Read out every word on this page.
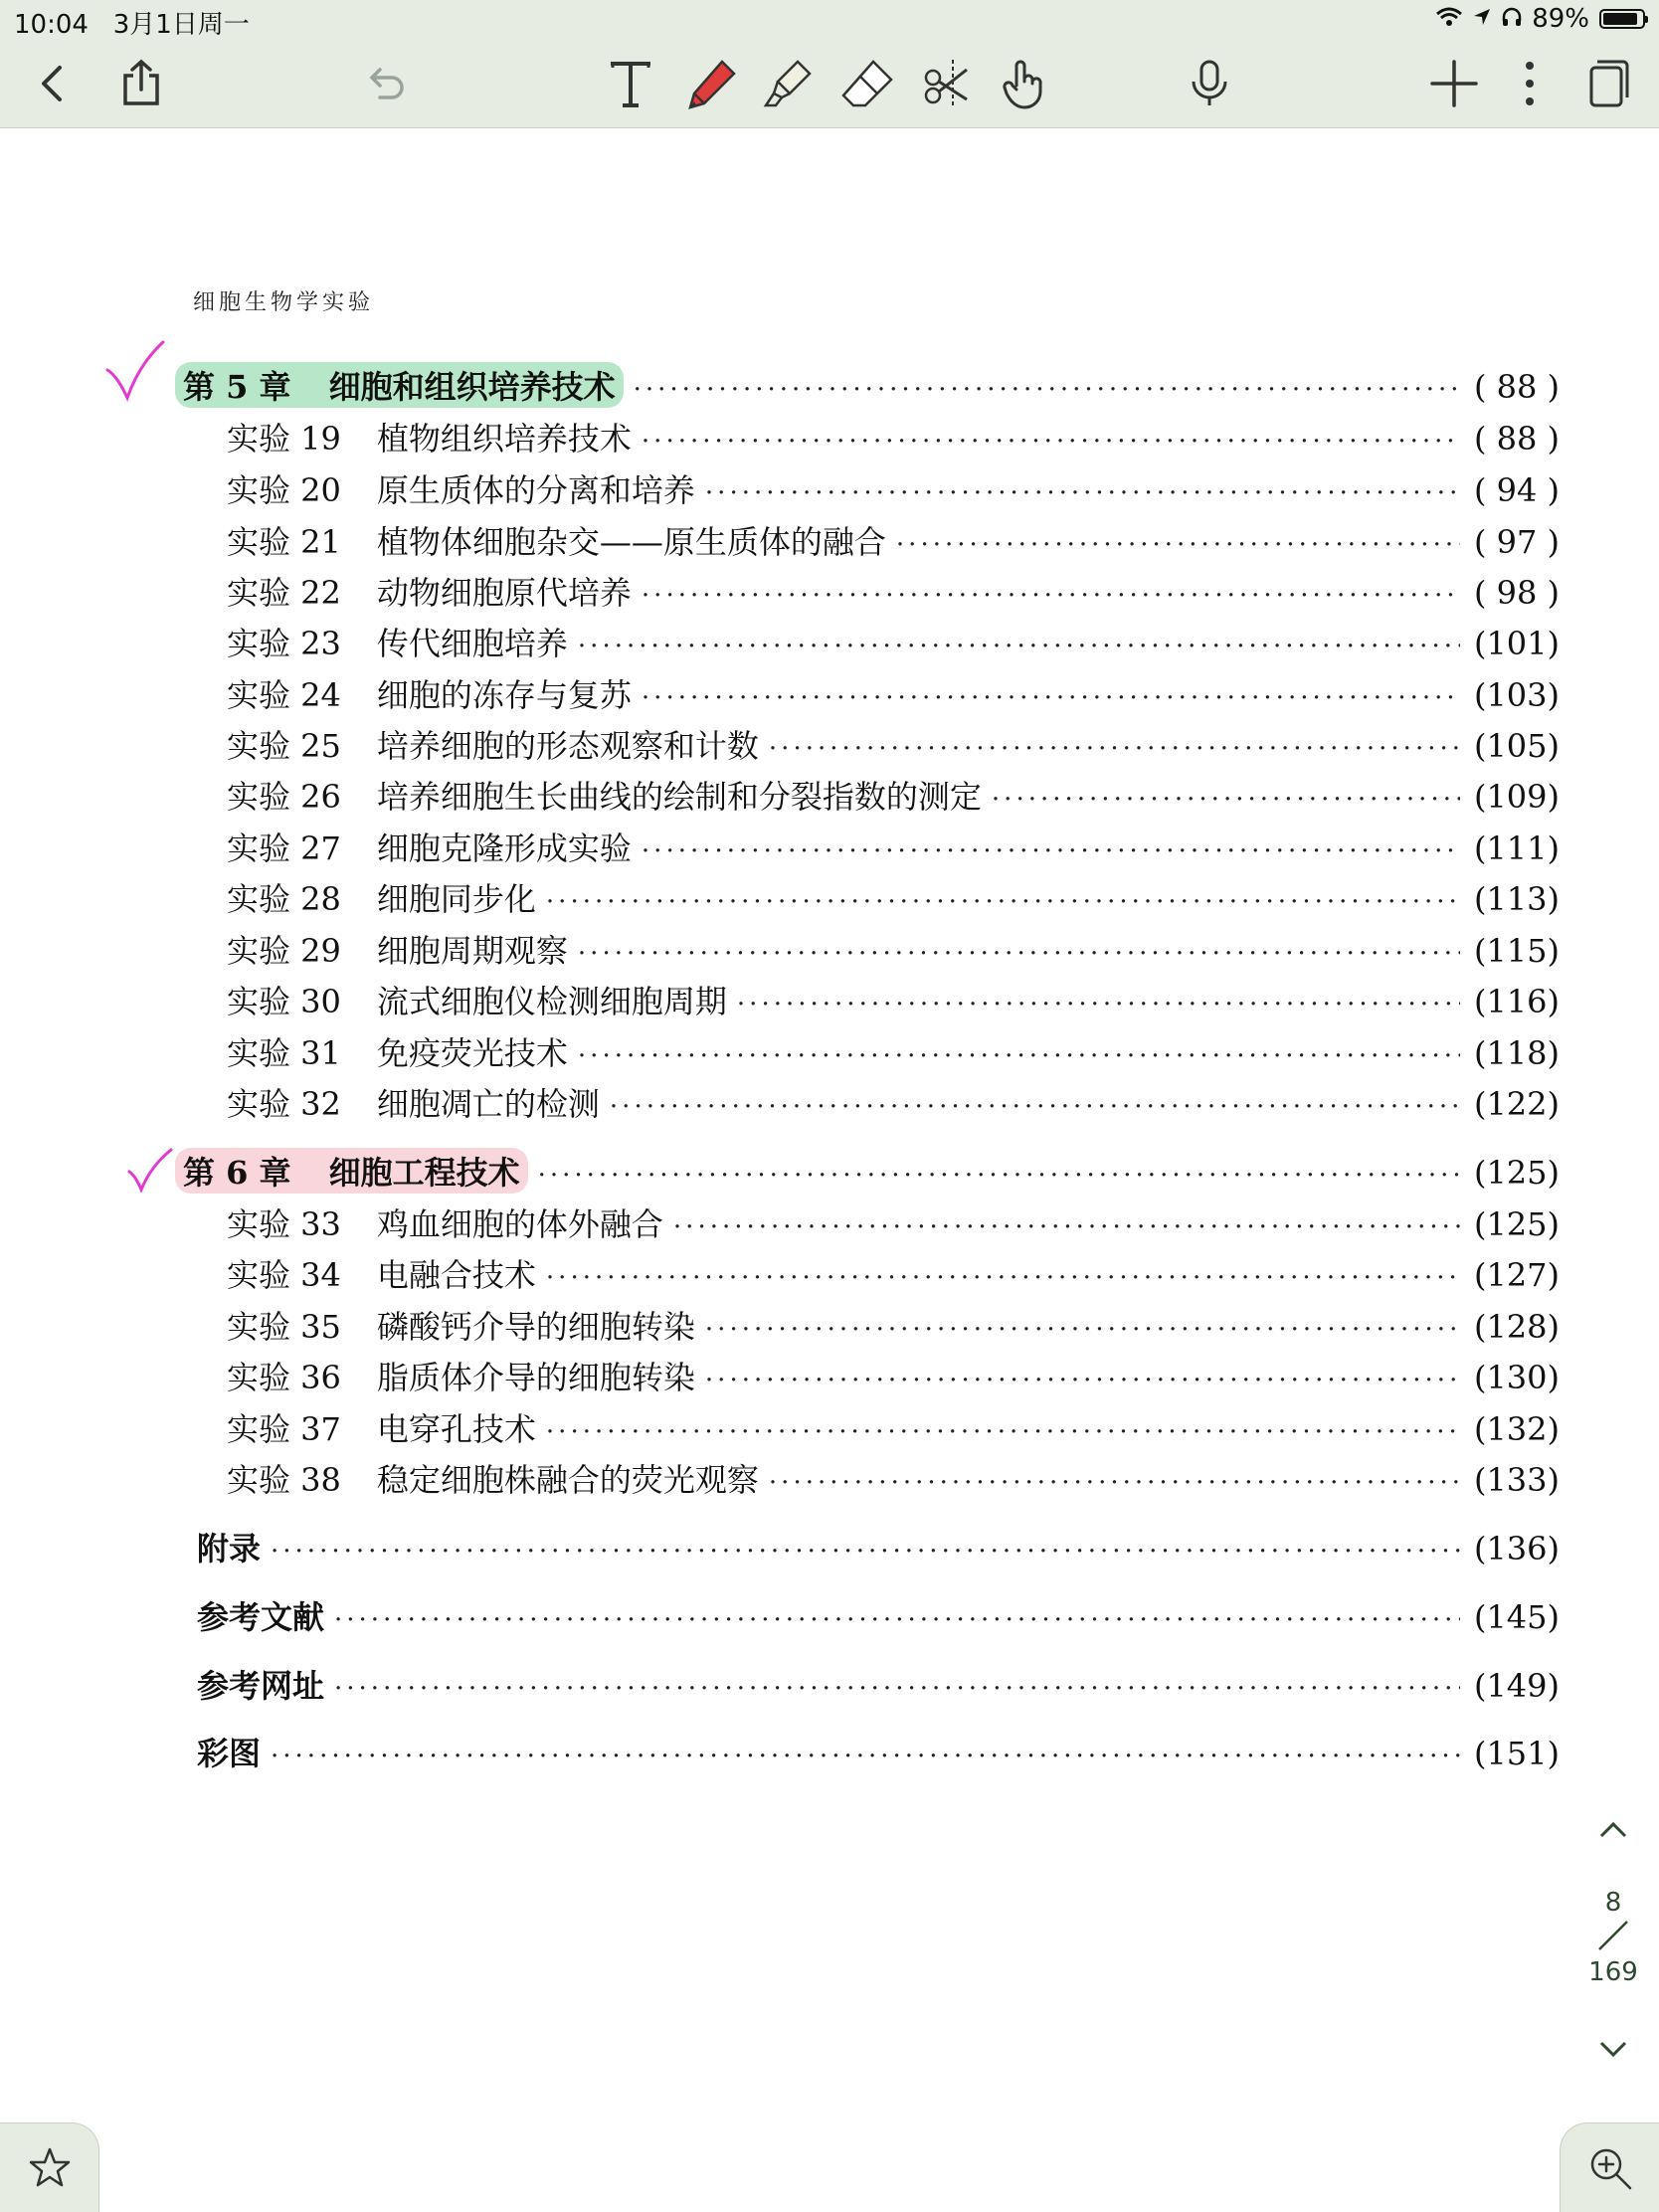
10:04 3月1日周一	89%
细胞生物学实验
第 5 章 细胞和组织培养技术 ·····	( 88 )
实验 19 植物组织培养技术 ·····	( 88 )
实验 20 原生质体的分离和培养 ·····	( 94 )
实验 21 植物体细胞杂交——原生质体的融合 ·····	( 97 )
实验 22 动物细胞原代培养 ·····	( 98 )
实验 23 传代细胞培养 ·····	(101)
实验 24 细胞的冻存与复苏 ·····	(103)
实验 25 培养细胞的形态观察和计数 ·····	(105)
实验 26 培养细胞生长曲线的绘制和分裂指数的测定 ·····	(109)
实验 27 细胞克隆形成实验 ·····	(111)
实验 28 细胞同步化 ·····	(113)
实验 29 细胞周期观察 ·····	(115)
实验 30 流式细胞仪检测细胞周期 ·····	(116)
实验 31 免疫荧光技术 ·····	(118)
实验 32 细胞凋亡的检测 ·····	(122)
第 6 章 细胞工程技术 ·····	(125)
实验 33 鸡血细胞的体外融合 ·····	(125)
实验 34 电融合技术 ·····	(127)
实验 35 磷酸钙介导的细胞转染 ·····	(128)
实验 36 脂质体介导的细胞转染 ·····	(130)
实验 37 电穿孔技术 ·····	(132)
实验 38 稳定细胞株融合的荧光观察 ·····	(133)
附录 ·····	(136)
参考文献 ·····	(145)
参考网址 ·····	(149)
彩图 ·····	(151)
8
169
